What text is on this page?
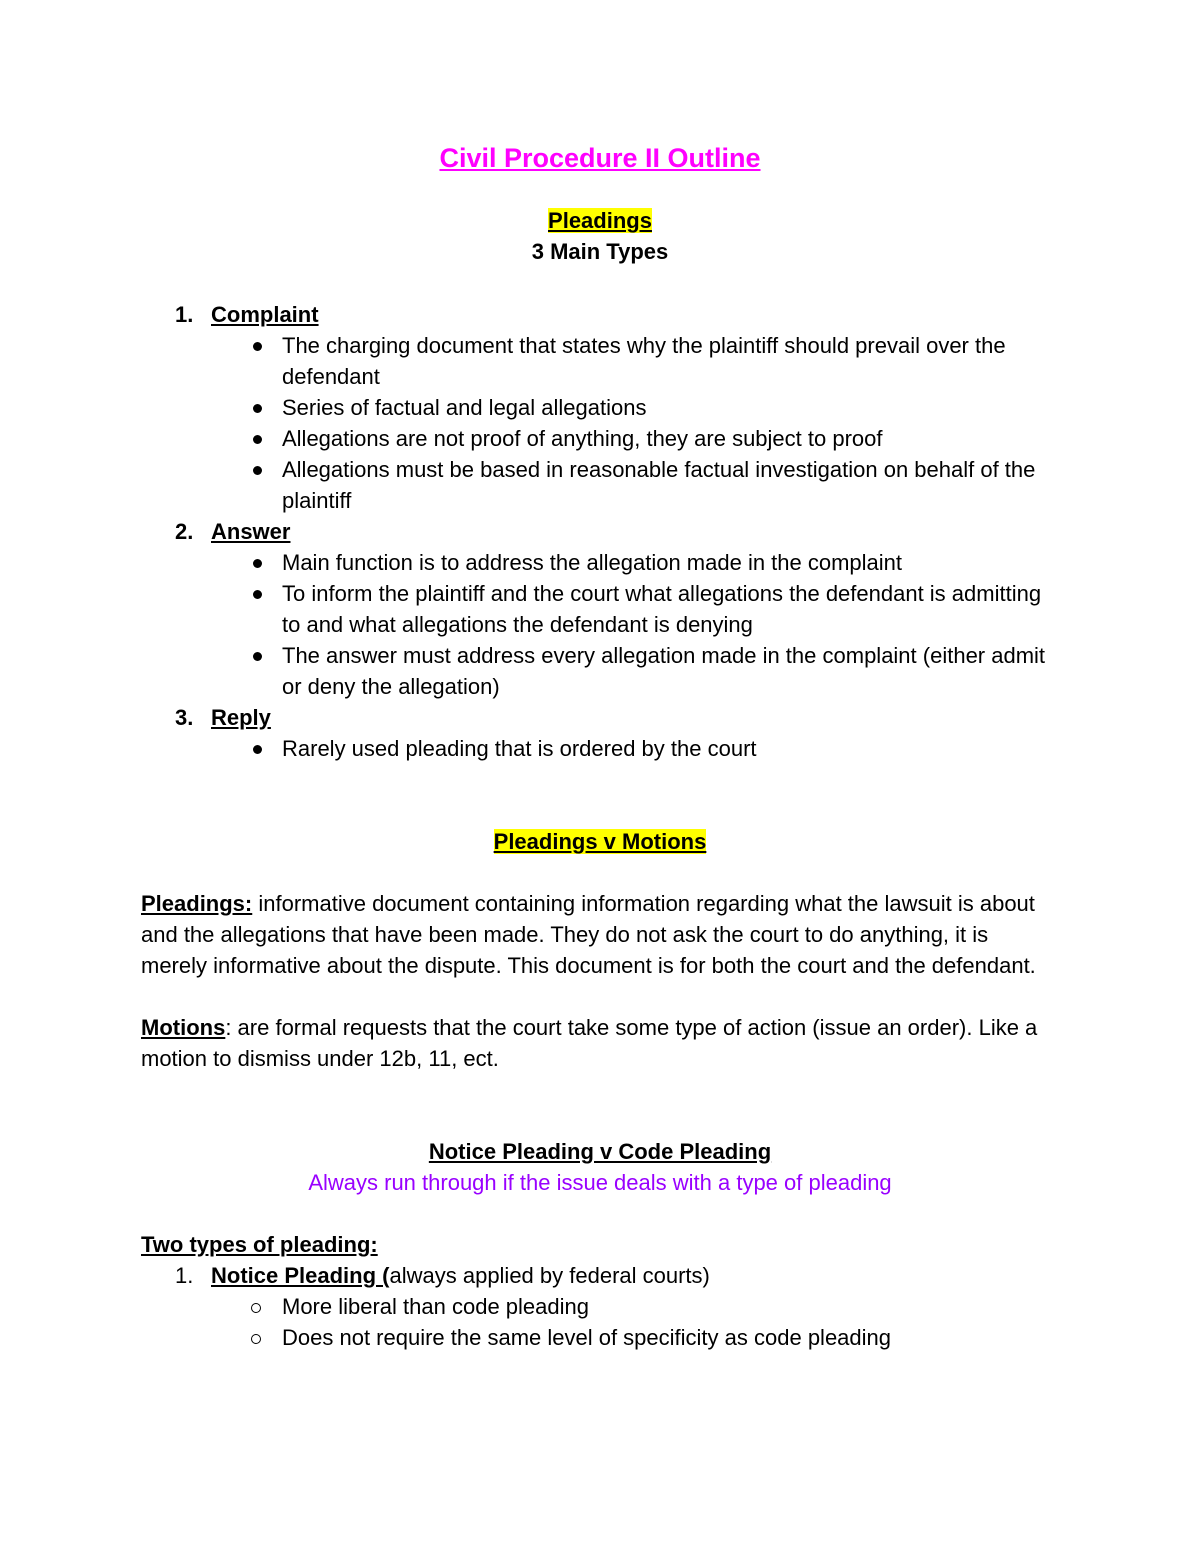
Civil Procedure II Outline

Pleadings

3 Main Types

1. Complaint
The charging document that states why the plaintiff should prevail over the defendant
Series of factual and legal allegations
Allegations are not proof of anything, they are subject to proof
Allegations must be based in reasonable factual investigation on behalf of the plaintiff
2. Answer
Main function is to address the allegation made in the complaint
To inform the plaintiff and the court what allegations the defendant is admitting to and what allegations the defendant is denying
The answer must address every allegation made in the complaint (either admit or deny the allegation)
3. Reply
Rarely used pleading that is ordered by the court

Pleadings v Motions

Pleadings: informative document containing information regarding what the lawsuit is about and the allegations that have been made. They do not ask the court to do anything, it is merely informative about the dispute. This document is for both the court and the defendant.

Motions: are formal requests that the court take some type of action (issue an order). Like a motion to dismiss under 12b, 11, ect.

Notice Pleading v Code Pleading

Always run through if the issue deals with a type of pleading

Two types of pleading:

1. Notice Pleading (always applied by federal courts)
More liberal than code pleading
Does not require the same level of specificity as code pleading
